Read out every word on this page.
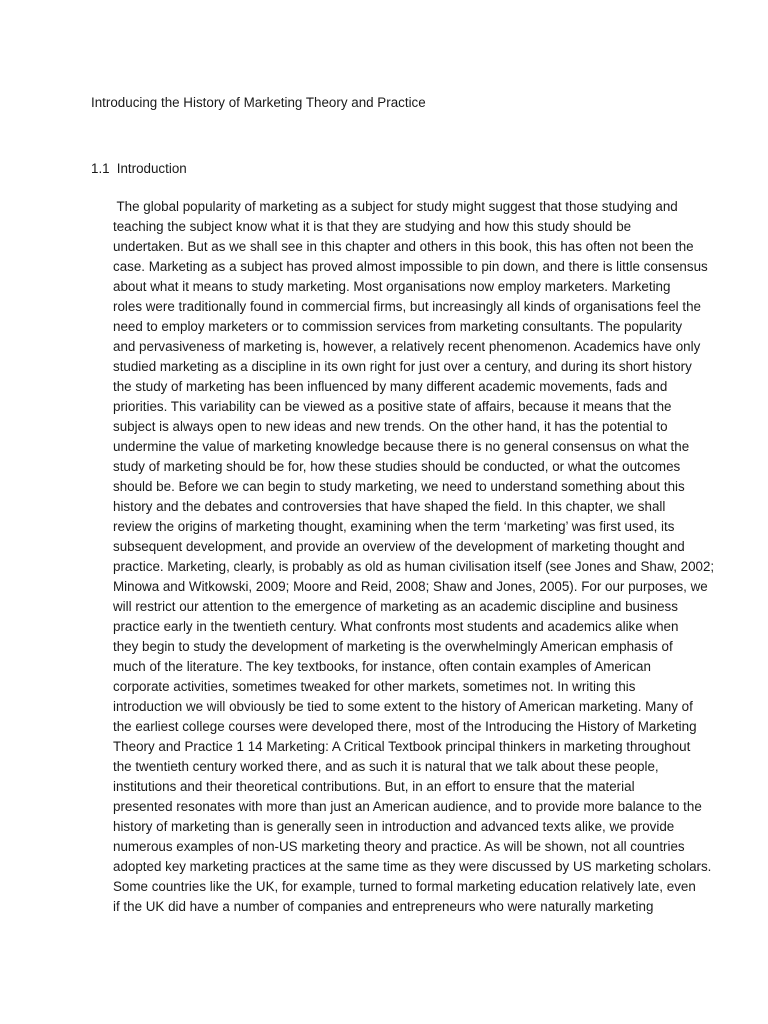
Introducing the History of Marketing Theory and Practice
1.1 Introduction
The global popularity of marketing as a subject for study might suggest that those studying and
teaching the subject know what it is that they are studying and how this study should be
undertaken. But as we shall see in this chapter and others in this book, this has often not been the
case. Marketing as a subject has proved almost impossible to pin down, and there is little consensus
about what it means to study marketing. Most organisations now employ marketers. Marketing
roles were traditionally found in commercial firms, but increasingly all kinds of organisations feel the
need to employ marketers or to commission services from marketing consultants. The popularity
and pervasiveness of marketing is, however, a relatively recent phenomenon. Academics have only
studied marketing as a discipline in its own right for just over a century, and during its short history
the study of marketing has been influenced by many different academic movements, fads and
priorities. This variability can be viewed as a positive state of affairs, because it means that the
subject is always open to new ideas and new trends. On the other hand, it has the potential to
undermine the value of marketing knowledge because there is no general consensus on what the
study of marketing should be for, how these studies should be conducted, or what the outcomes
should be. Before we can begin to study marketing, we need to understand something about this
history and the debates and controversies that have shaped the field. In this chapter, we shall
review the origins of marketing thought, examining when the term ‘marketing’ was first used, its
subsequent development, and provide an overview of the development of marketing thought and
practice. Marketing, clearly, is probably as old as human civilisation itself (see Jones and Shaw, 2002;
Minowa and Witkowski, 2009; Moore and Reid, 2008; Shaw and Jones, 2005). For our purposes, we
will restrict our attention to the emergence of marketing as an academic discipline and business
practice early in the twentieth century. What confronts most students and academics alike when
they begin to study the development of marketing is the overwhelmingly American emphasis of
much of the literature. The key textbooks, for instance, often contain examples of American
corporate activities, sometimes tweaked for other markets, sometimes not. In writing this
introduction we will obviously be tied to some extent to the history of American marketing. Many of
the earliest college courses were developed there, most of the Introducing the History of Marketing
Theory and Practice 1 14 Marketing: A Critical Textbook principal thinkers in marketing throughout
the twentieth century worked there, and as such it is natural that we talk about these people,
institutions and their theoretical contributions. But, in an effort to ensure that the material
presented resonates with more than just an American audience, and to provide more balance to the
history of marketing than is generally seen in introduction and advanced texts alike, we provide
numerous examples of non-US marketing theory and practice. As will be shown, not all countries
adopted key marketing practices at the same time as they were discussed by US marketing scholars.
Some countries like the UK, for example, turned to formal marketing education relatively late, even
if the UK did have a number of companies and entrepreneurs who were naturally marketing
